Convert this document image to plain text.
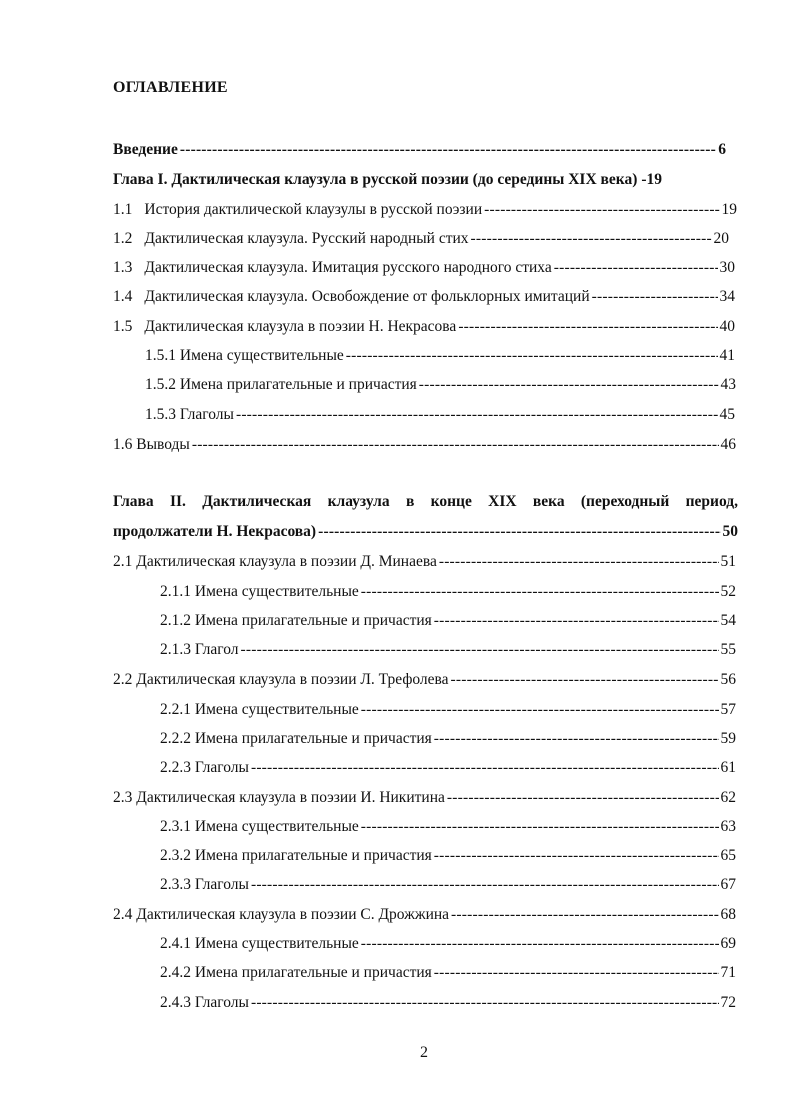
ОГЛАВЛЕНИЕ
Введение -----	6
Глава I. Дактилическая клаузула в русской поэзии (до середины XIX века) -19
1.1 История дактилической клаузулы в русской поэзии -----	19
1.2 Дактилическая клаузула. Русский народный стих -----	20
1.3 Дактилическая клаузула. Имитация русского народного стиха -----	30
1.4 Дактилическая клаузула. Освобождение от фольклорных имитаций -----	34
1.5 Дактилическая клаузула в поэзии Н. Некрасова -----	40
1.5.1 Имена существительные -----	41
1.5.2 Имена прилагательные и причастия -----	43
1.5.3 Глаголы -----	45
1.6 Выводы -----	46
Глава II. Дактилическая клаузула в конце XIX века (переходный период,
продолжатели Н. Некрасова) -----	50
2.1 Дактилическая клаузула в поэзии Д. Минаева -----	51
2.1.1 Имена существительные -----	52
2.1.2 Имена прилагательные и причастия -----	54
2.1.3 Глагол -----	55
2.2 Дактилическая клаузула в поэзии Л. Трефолева -----	56
2.2.1 Имена существительные -----	57
2.2.2 Имена прилагательные и причастия -----	59
2.2.3 Глаголы -----	61
2.3 Дактилическая клаузула в поэзии И. Никитина -----	62
2.3.1 Имена существительные -----	63
2.3.2 Имена прилагательные и причастия -----	65
2.3.3 Глаголы -----	67
2.4 Дактилическая клаузула в поэзии С. Дрожжина -----	68
2.4.1 Имена существительные -----	69
2.4.2 Имена прилагательные и причастия -----	71
2.4.3 Глаголы -----	72
2
